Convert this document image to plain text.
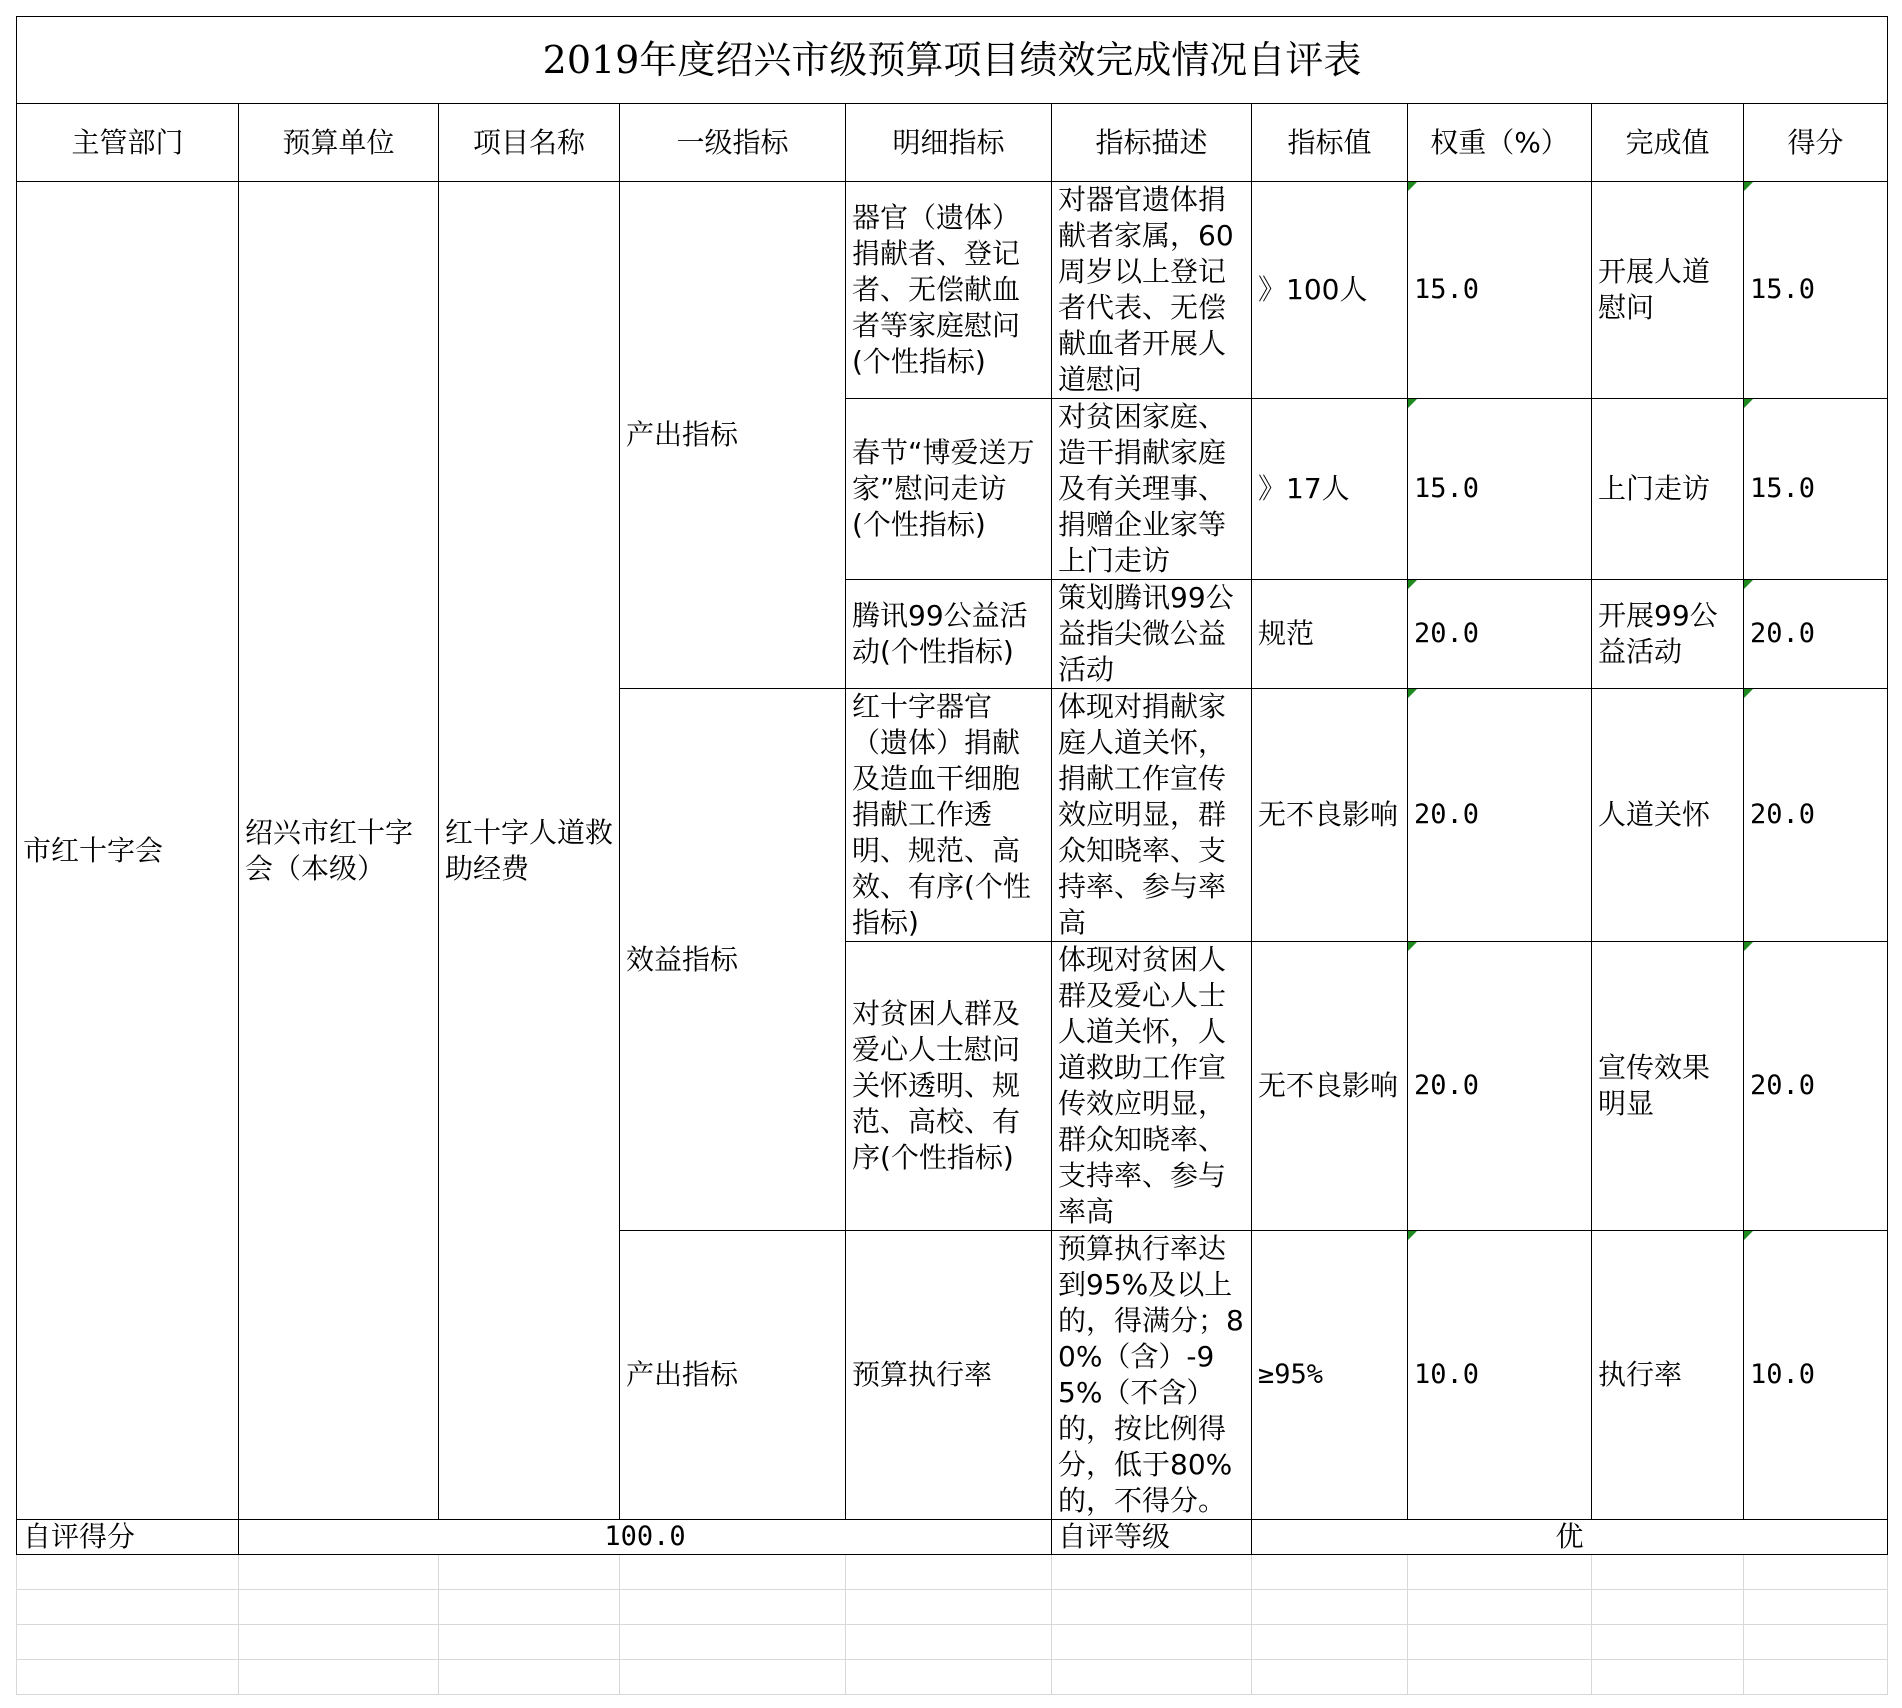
2019年度绍兴市级预算项目绩效完成情况自评表									
主管部门	预算单位	项目名称	一级指标	明细指标	指标描述	指标值	权重（%）	完成值	得分
市红十字会	绍兴市红十字会（本级）	红十字人道救助经费	产出指标	器官（遗体）捐献者、登记者、无偿献血者等家庭慰问(个性指标)	对器官遗体捐献者家属，60周岁以上登记者代表、无偿献血者开展人道慰问	》100人	15.0	开展人道慰问	15.0
				春节“博爱送万家”慰问走访(个性指标)	对贫困家庭、造干捐献家庭及有关理事、捐赠企业家等上门走访	》17人	15.0	上门走访	15.0
				腾讯99公益活动(个性指标)	策划腾讯99公益指尖微公益活动	规范	20.0	开展99公益活动	20.0
			效益指标	红十字器官（遗体）捐献及造血干细胞捐献工作透明、规范、高效、有序(个性指标)	体现对捐献家庭人道关怀，捐献工作宣传效应明显，群众知晓率、支持率、参与率高	无不良影响	20.0	人道关怀	20.0
				对贫困人群及爱心人士慰问关怀透明、规范、高校、有序(个性指标)	体现对贫困人群及爱心人士人道关怀，人道救助工作宣传效应明显，群众知晓率、支持率、参与率高	无不良影响	20.0	宣传效果明显	20.0
			产出指标	预算执行率	预算执行率达到95%及以上的，得满分；80%（含）-95%（不含）的，按比例得分，低于80%的，不得分。	≥95%	10.0	执行率	10.0
自评得分	100.0				自评等级	优			
